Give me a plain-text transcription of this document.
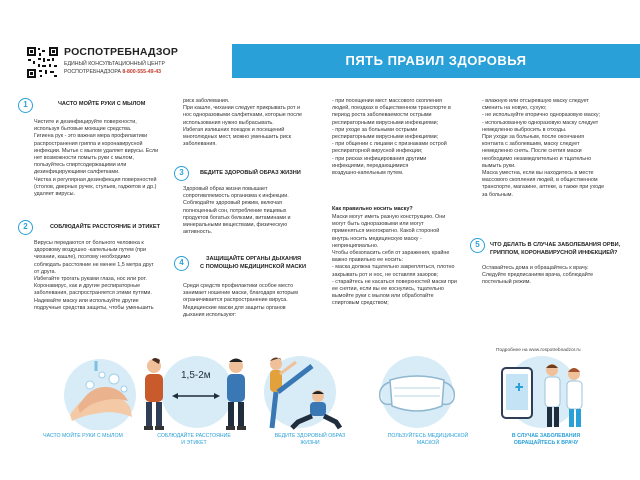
РОСПОТРЕБНАДЗОР
ЕДИНЫЙ КОНСУЛЬТАЦИОННЫЙ ЦЕНТР
РОСПОТРЕБНАДЗОРА 8-800-555-49-43
ПЯТЬ ПРАВИЛ ЗДОРОВЬЯ
1	ЧАСТО МОЙТЕ РУКИ С МЫЛОМ

Чистите и дезинфицируйте поверхности,

используя бытовые моющие средства.

Гигиена рук - это важная мера профилактики

распространения гриппа и коронавирусной

инфекции. Мытье с мылом удаляет вирусы. Если

нет возможности помыть руки с мылом,

пользуйтесь спиртсодержащими или

дезинфицирующими салфетками.

Чистка и регулярная дезинфекция поверхностей

(столов, дверных ручек, стульев, гаджетов и др.)

удаляет вирусы.

2	СОБЛЮДАЙТЕ РАССТОЯНИЕ И ЭТИКЕТ

Вирусы передаются от больного человека к

здоровому воздушно -капельным путем (при

чихании, кашле), поэтому необходимо

соблюдать расстояние не менее 1,5 метра друг

от друга.

Избегайте трогать руками глаза, нос или рот.

Коронавирус, как и другие респираторные

заболевания, распространяется этими путями.

Надевайте маску или используйте другие

подручные средства защиты, чтобы уменьшить

риск заболевания.

При кашле, чихании следует прикрывать рот и

нос одноразовыми салфетками, которые после

использования нужно выбрасывать.

Избегая излишних поездок и посещений

многолюдных мест, можно уменьшить риск

заболевания.

3	ВЕДИТЕ ЗДОРОВЫЙ ОБРАЗ ЖИЗНИ

Здоровый образ жизни повышает

сопротивляемость организма к инфекции.

Соблюдайте здоровый режим, включая

полноценный сон, потребление пищевых

продуктов богатых белками, витаминами и

минеральными веществами, физическую

активность.

4	ЗАЩИЩАЙТЕ ОРГАНЫ ДЫХАНИЯ
С ПОМОЩЬЮ МЕДИЦИНСКОЙ МАСКИ

Среди средств профилактики особое место

занимает ношение маски, благодаря которым

ограничивается распространение вируса.

Медицинские маски для защиты органов

дыхания используют:

- при посещении мест массового скопления

людей, поездках в общественном транспорте в

период роста заболеваемости острыми

респираторными вирусными инфекциями;

- при уходе за больными острыми

респираторными вирусными инфекциями;

- при общении с лицами с признаками острой

респираторной вирусной инфекции;

- при рисках инфицирования другими

инфекциями, передающимися

воздушно-капельным путем.

Как правильно носить маску?

Маски могут иметь разную конструкцию. Они

могут быть одноразовыми или могут

применяться многократно. Какой стороной

внутрь носить медицинскую маску -

непринципиально.

Чтобы обезопасить себя от заражения, крайне

важно правильно ее носить:

- маска должна тщательно закрепляться, плотно

закрывать рот и нос, не оставляя зазоров;

- старайтесь не касаться поверхностей маски при

ее снятии, если вы ее коснулись, тщательно

вымойте руки с мылом или обработайте

спиртовым средством;

- влажную или отсыревшую маску следует

сменить на новую, сухую;

- не используйте вторично одноразовую маску;

- использованную одноразовую маску следует

немедленно выбросить в отходы.

При уходе за больным, после окончания

контакта с заболевшим, маску следует

немедленно снять. После снятия маски

необходимо незамедлительно и тщательно

вымыть руки.

Маска уместна, если вы находитесь в месте

массового скопления людей, в общественном

транспорте, магазине, аптеке, а также при уходе

за больным.

5	ЧТО ДЕЛАТЬ В СЛУЧАЕ ЗАБОЛЕВАНИЯ ОРВИ,
ГРИППОМ, КОРОНАВИРУСНОЙ ИНФЕКЦИЕЙ?

Оставайтесь дома и обращайтесь к врачу.

Следуйте предписаниям врача, соблюдайте

постельный режим.

Подробнее на www.rospotrebnadzor.ru
1,5-2м
ЧАСТО МОЙТЕ РУКИ С МЫЛОМ	СОБЛЮДАЙТЕ РАССТОЯНИЕ
И ЭТИКЕТ
ВЕДИТЕ ЗДОРОВЫЙ ОБРАЗ
ЖИЗНИ
ПОЛЬЗУЙТЕСЬ МЕДИЦИНСКОЙ
МАСКОЙ
В СЛУЧАЕ ЗАБОЛЕВАНИЯ
ОБРАЩАЙТЕСЬ К ВРАЧУ
